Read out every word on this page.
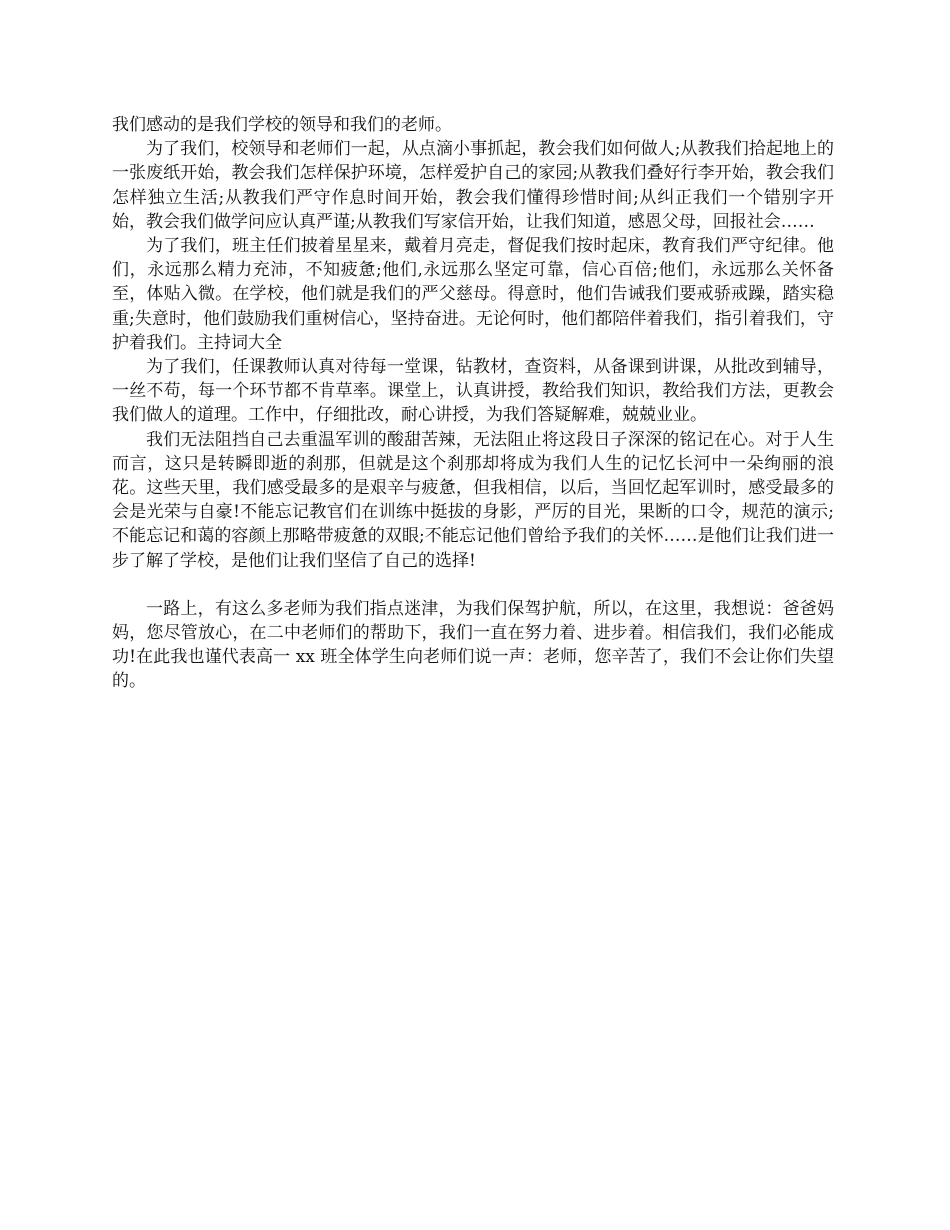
我们感动的是我们学校的领导和我们的老师。

为了我们，校领导和老师们一起，从点滴小事抓起，教会我们如何做人;从教我们拾起地上的一张废纸开始，教会我们怎样保护环境，怎样爱护自己的家园;从教我们叠好行李开始，教会我们怎样独立生活;从教我们严守作息时间开始，教会我们懂得珍惜时间;从纠正我们一个错别字开始，教会我们做学问应认真严谨;从教我们写家信开始，让我们知道，感恩父母，回报社会……

为了我们，班主任们披着星星来，戴着月亮走，督促我们按时起床，教育我们严守纪律。他们，永远那么精力充沛，不知疲惫;他们,永远那么坚定可靠，信心百倍;他们，永远那么关怀备至，体贴入微。在学校，他们就是我们的严父慈母。得意时，他们告诫我们要戒骄戒躁，踏实稳重;失意时，他们鼓励我们重树信心，坚持奋进。无论何时，他们都陪伴着我们，指引着我们，守护着我们。主持词大全

为了我们，任课教师认真对待每一堂课，钻教材，查资料，从备课到讲课，从批改到辅导，一丝不苟，每一个环节都不肯草率。课堂上，认真讲授，教给我们知识，教给我们方法，更教会我们做人的道理。工作中，仔细批改，耐心讲授，为我们答疑解难，兢兢业业。

我们无法阻挡自己去重温军训的酸甜苦辣，无法阻止将这段日子深深的铭记在心。对于人生而言，这只是转瞬即逝的刹那，但就是这个刹那却将成为我们人生的记忆长河中一朵绚丽的浪花。这些天里，我们感受最多的是艰辛与疲惫，但我相信，以后，当回忆起军训时，感受最多的会是光荣与自豪!不能忘记教官们在训练中挺拔的身影，严厉的目光，果断的口令，规范的演示;不能忘记和蔼的容颜上那略带疲惫的双眼;不能忘记他们曾给予我们的关怀……是他们让我们进一步了解了学校，是他们让我们坚信了自己的选择!

一路上，有这么多老师为我们指点迷津，为我们保驾护航，所以，在这里，我想说：爸爸妈妈，您尽管放心，在二中老师们的帮助下，我们一直在努力着、进步着。相信我们，我们必能成功!在此我也谨代表高一 xx 班全体学生向老师们说一声：老师，您辛苦了，我们不会让你们失望的。
